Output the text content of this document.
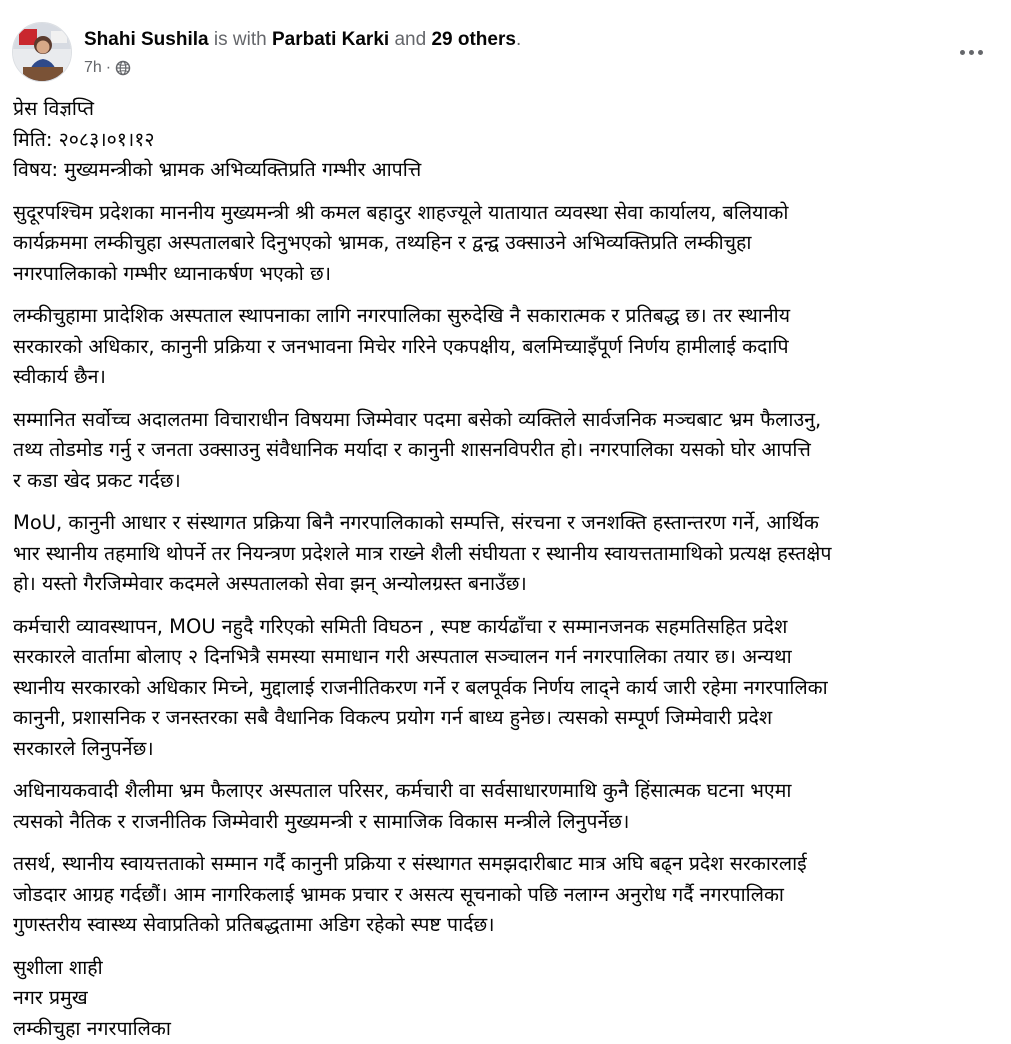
Shahi Sushila is with Parbati Karki and 29 others.
7h ·

प्रेस विज्ञप्ति

मिति: २०८३।०१।१२

विषय: मुख्यमन्त्रीको भ्रामक अभिव्यक्तिप्रति गम्भीर आपत्ति

सुदूरपश्चिम प्रदेशका माननीय मुख्यमन्त्री श्री कमल बहादुर शाहज्यूले यातायात व्यवस्था सेवा कार्यालय, बलियाको

कार्यक्रममा लम्कीचुहा अस्पतालबारे दिनुभएको भ्रामक, तथ्यहिन र द्वन्द्व उक्साउने अभिव्यक्तिप्रति लम्कीचुहा

नगरपालिकाको गम्भीर ध्यानाकर्षण भएको छ।

लम्कीचुहामा प्रादेशिक अस्पताल स्थापनाका लागि नगरपालिका सुरुदेखि नै सकारात्मक र प्रतिबद्ध छ। तर स्थानीय

सरकारको अधिकार, कानुनी प्रक्रिया र जनभावना मिचेर गरिने एकपक्षीय, बलमिच्याइँपूर्ण निर्णय हामीलाई कदापि

स्वीकार्य छैन।

सम्मानित सर्वोच्च अदालतमा विचाराधीन विषयमा जिम्मेवार पदमा बसेको व्यक्तिले सार्वजनिक मञ्चबाट भ्रम फैलाउनु,

तथ्य तोडमोड गर्नु र जनता उक्साउनु संवैधानिक मर्यादा र कानुनी शासनविपरीत हो। नगरपालिका यसको घोर आपत्ति

र कडा खेद प्रकट गर्दछ।

MoU, कानुनी आधार र संस्थागत प्रक्रिया बिनै नगरपालिकाको सम्पत्ति, संरचना र जनशक्ति हस्तान्तरण गर्ने, आर्थिक

भार स्थानीय तहमाथि थोपर्ने तर नियन्त्रण प्रदेशले मात्र राख्ने शैली संघीयता र स्थानीय स्वायत्ततामाथिको प्रत्यक्ष हस्तक्षेप

हो। यस्तो गैरजिम्मेवार कदमले अस्पतालको सेवा झन् अन्योलग्रस्त बनाउँछ।

कर्मचारी व्यावस्थापन, MOU नहुदै गरिएको समिती विघठन , स्पष्ट कार्यढाँचा र सम्मानजनक सहमतिसहित प्रदेश

सरकारले वार्तामा बोलाए २ दिनभित्रै समस्या समाधान गरी अस्पताल सञ्चालन गर्न नगरपालिका तयार छ। अन्यथा

स्थानीय सरकारको अधिकार मिच्ने, मुद्दालाई राजनीतिकरण गर्ने र बलपूर्वक निर्णय लाद्ने कार्य जारी रहेमा नगरपालिका

कानुनी, प्रशासनिक र जनस्तरका सबै वैधानिक विकल्प प्रयोग गर्न बाध्य हुनेछ। त्यसको सम्पूर्ण जिम्मेवारी प्रदेश

सरकारले लिनुपर्नेछ।

अधिनायकवादी शैलीमा भ्रम फैलाएर अस्पताल परिसर, कर्मचारी वा सर्वसाधारणमाथि कुनै हिंसात्मक घटना भएमा

त्यसको नैतिक र राजनीतिक जिम्मेवारी मुख्यमन्त्री र सामाजिक विकास मन्त्रीले लिनुपर्नेछ।

तसर्थ, स्थानीय स्वायत्तताको सम्मान गर्दै कानुनी प्रक्रिया र संस्थागत समझदारीबाट मात्र अघि बढ्न प्रदेश सरकारलाई

जोडदार आग्रह गर्दछौं। आम नागरिकलाई भ्रामक प्रचार र असत्य सूचनाको पछि नलाग्न अनुरोध गर्दै नगरपालिका

गुणस्तरीय स्वास्थ्य सेवाप्रतिको प्रतिबद्धतामा अडिग रहेको स्पष्ट पार्दछ।

सुशीला शाही

नगर प्रमुख

लम्कीचुहा नगरपालिका
